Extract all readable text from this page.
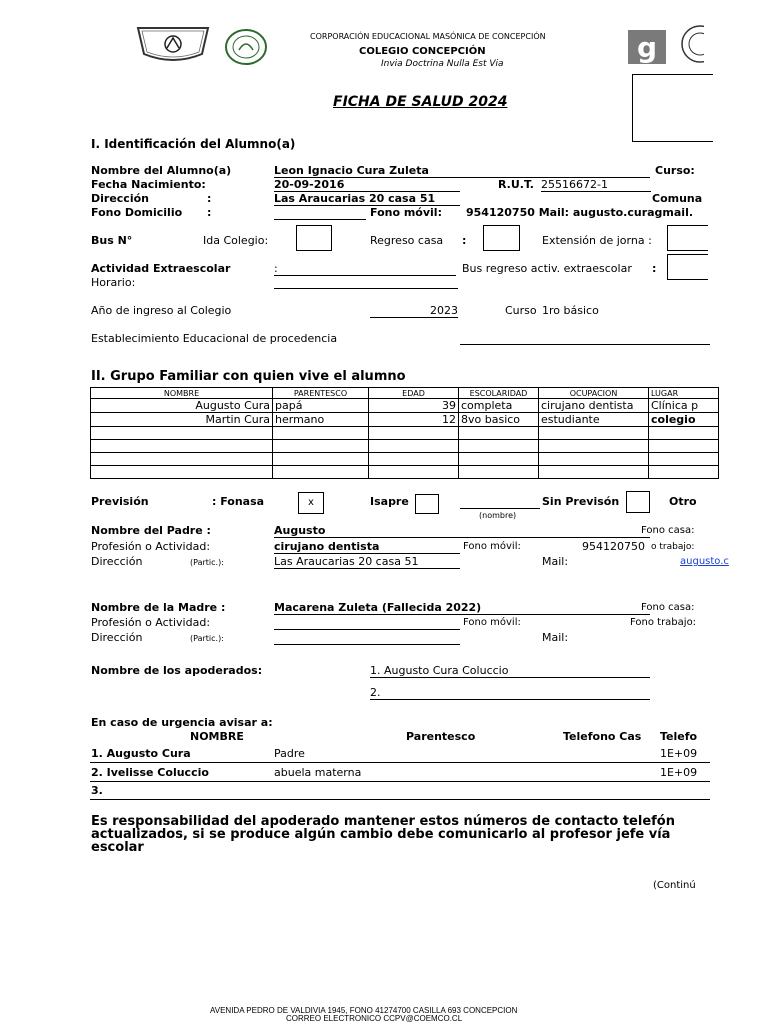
g
CORPORACIÓN EDUCACIONAL MASÓNICA DE CONCEPCIÓN
COLEGIO CONCEPCIÓN
Invia Doctrina Nulla Est Via
FICHA DE SALUD 2024
I. Identificación del Alumno(a)
Nombre del Alumno(a)	Leon Ignacio Cura Zuleta	Curso:
Fecha Nacimiento:	20-09-2016	R.U.T. 25516672-1
Dirección	:	Las Araucarias 20 casa 51	Comuna
Fono Domicilio :	Fono móvil: 954120750 Mail: augusto.curagmail.
Bus N°	Ida Colegio:	Regreso casa :	Extensión de jorna :
Actividad Extraescolar	:	Bus regreso activ. extraescolar :
Horario:
Año de ingreso al Colegio	2023	Curso 1ro básico
Establecimiento Educacional de procedencia
II. Grupo Familiar con quien vive el alumno
NOMBRE	PARENTESCO	EDAD	ESCOLARIDAD	OCUPACION	LUGAR
Augusto Cura	papá	39	completa	cirujano dentista	Clínica p
Martin Cura	hermano	12	8vo basico	estudiante	colegio

Previsión	: Fonasa	x	Isapre
(nombre)
Sin Previsón	Otro
Nombre del Padre :	Augusto	Fono casa:
Profesión o Actividad:	cirujano dentista	Fono móvil:	954120750 o trabajo:
Dirección	(Partic.):	Las Araucarias 20 casa 51	Mail:	augusto.c
Nombre de la Madre :	Macarena Zuleta (Fallecida 2022)	Fono casa:
Profesión o Actividad:	Fono móvil:	Fono trabajo:
Dirección	(Partic.):	Mail:
Nombre de los apoderados:	1. Augusto Cura Coluccio
2.
En caso de urgencia avisar a:
NOMBRE	Parentesco	Telefono Cas Telefo
1. Augusto Cura	Padre	1E+09
2. Ivelisse Coluccio	abuela materna	1E+09
3.
Es responsabilidad del apoderado mantener estos números de contacto telefón
actualizados, si se produce algún cambio debe comunicarlo al profesor jefe vía
escolar
(Continú
AVENIDA PEDRO DE VALDIVIA 1945, FONO 41274700 CASILLA 693 CONCEPCION
CORREO ELECTRONICO CCPV@COEMCO.CL
